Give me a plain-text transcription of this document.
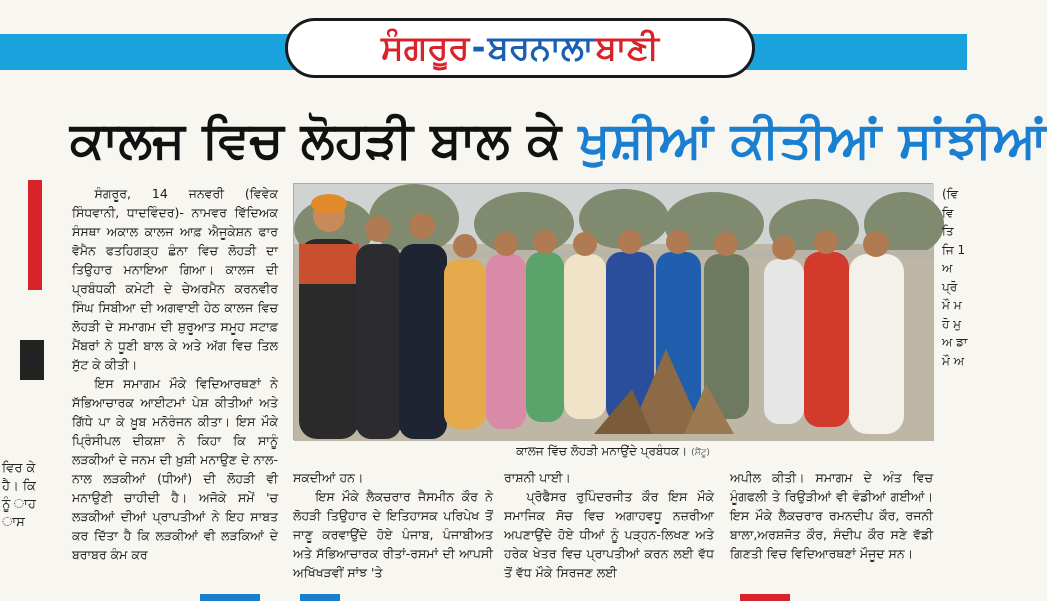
ਸੰਗਰੂਰ - ਬਰਨਾਲਾ ਬਾਣੀ

ਵਿਰ ਕੇ ਹੈ। ਕਿ ਨੂੰ ਾਹ ਾਸ

ਕਾਲਜ ਵਿਚ ਲੋਹੜੀ ਬਾਲ ਕੇ ਖੁਸ਼ੀਆਂ ਕੀਤੀਆਂ ਸਾਂਝੀਆਂ

ਸੰਗਰੂਰ, 14 ਜਨਵਰੀ (ਵਿਵੇਕ ਸਿੰਧਵਾਨੀ, ਧਾਦਵਿੰਦਰ)- ਨਾਮਵਰ ਵਿੱਦਿਅਕ ਸੰਸਥਾ ਅਕਾਲ ਕਾਲਜ ਆਫ਼ ਐਜੂਕੇਸ਼ਨ ਫਾਰ ਵੋਮੈਨ ਫਤਹਿਗੜ੍ਹ ਛੰਨਾ ਵਿਚ ਲੋਹੜੀ ਦਾ ਤਿਉਹਾਰ ਮਨਾਇਆ ਗਿਆ। ਕਾਲਜ ਦੀ ਪ੍ਰਬੰਧਕੀ ਕਮੇਟੀ ਦੇ ਚੇਅਰਮੈਨ ਕਰਨਵੀਰ ਸਿੰਘ ਸਿਬੀਆ ਦੀ ਅਗਵਾਈ ਹੇਠ ਕਾਲਜ ਵਿਚ ਲੋਹੜੀ ਦੇ ਸਮਾਗਮ ਦੀ ਸ਼ੁਰੂਆਤ ਸਮੂਹ ਸਟਾਫ਼ ਮੈਂਬਰਾਂ ਨੇ ਧੂਣੀ ਬਾਲ ਕੇ ਅਤੇ ਅੱਗ ਵਿਚ ਤਿਲ ਸੁੱਟ ਕੇ ਕੀਤੀ।

ਇਸ ਸਮਾਗਮ ਮੌਕੇ ਵਿਦਿਆਰਥਣਾਂ ਨੇ ਸੱਭਿਆਚਾਰਕ ਆਈਟਮਾਂ ਪੇਸ਼ ਕੀਤੀਆਂ ਅਤੇ ਗਿੱਧੇ ਪਾ ਕੇ ਖ਼ੂਬ ਮਨੋਰੰਜਨ ਕੀਤਾ। ਇਸ ਮੌਕੇ ਪ੍ਰਿੰਸੀਪਲ ਦੀਕਸ਼ਾ ਨੇ ਕਿਹਾ ਕਿ ਸਾਨੂੰ ਲੜਕੀਆਂ ਦੇ ਜਨਮ ਦੀ ਖ਼ੁਸ਼ੀ ਮਨਾਉਣ ਦੇ ਨਾਲ-ਨਾਲ ਲੜਕੀਆਂ (ਧੀਆਂ) ਦੀ ਲੋਹੜੀ ਵੀ ਮਨਾਉਣੀ ਚਾਹੀਦੀ ਹੈ। ਅਜੋਕੇ ਸਮੇਂ 'ਚ ਲੜਕੀਆਂ ਦੀਆਂ ਪ੍ਰਾਪਤੀਆਂ ਨੇ ਇਹ ਸਾਬਤ ਕਰ ਦਿੱਤਾ ਹੈ ਕਿ ਲੜਕੀਆਂ ਵੀ ਲੜਕਿਆਂ ਦੇ ਬਰਾਬਰ ਕੰਮ ਕਰ

ਕਾਲਜ ਵਿੱਚ ਲੋਹੜੀ ਮਨਾਉਂਦੇ ਪ੍ਰਬੰਧਕ। (ਸੈਂਟੂ)

ਸਕਦੀਆਂ ਹਨ।

ਇਸ ਮੌਕੇ ਲੈਕਚਰਾਰ ਜੈਸਮੀਨ ਕੌਰ ਨੇ ਲੋਹੜੀ ਤਿਉਹਾਰ ਦੇ ਇਤਿਹਾਸਕ ਪਰਿਪੇਖ ਤੋਂ ਜਾਣੂ ਕਰਵਾਉਂਦੇ ਹੋਏ ਪੰਜਾਬ, ਪੰਜਾਬੀਅਤ ਅਤੇ ਸੱਭਿਆਚਾਰਕ ਰੀਤਾਂ-ਰਸਮਾਂ ਦੀ ਆਪਸੀ ਅਖਿੱਖੜਵੀਂ ਸਾਂਝ 'ਤੇ

ਰਾਸ਼ਨੀ ਪਾਈ।

ਪ੍ਰੋਫੈਸਰ ਰੁਪਿੰਦਰਜੀਤ ਕੌਰ ਇਸ ਮੌਕੇ ਸਮਾਜਿਕ ਸੋਚ ਵਿਚ ਅਗਾਹਵਧੂ ਨਜ਼ਰੀਆ ਅਪਣਾਉਂਦੇ ਹੋਏ ਧੀਆਂ ਨੂੰ ਪੜ੍ਹਨ-ਲਿਖਣ ਅਤੇ ਹਰੇਕ ਖੇਤਰ ਵਿਚ ਪ੍ਰਾਪਤੀਆਂ ਕਰਨ ਲਈ ਵੱਧ ਤੋਂ ਵੱਧ ਮੌਕੇ ਸਿਰਜਣ ਲਈ

ਅਪੀਲ ਕੀਤੀ। ਸਮਾਗਮ ਦੇ ਅੰਤ ਵਿਚ ਮੂੰਗਫਲੀ ਤੇ ਰਿਉੜੀਆਂ ਵੀ ਵੰਡੀਆਂ ਗਈਆਂ। ਇਸ ਮੌਕੇ ਲੈਕਚਰਾਰ ਰਮਨਦੀਪ ਕੌਰ, ਰਜਨੀ ਬਾਲਾ,ਅਰਸ਼ਜੋਤ ਕੌਰ, ਸੰਦੀਪ ਕੌਰ ਸਣੇ ਵੱਡੀ ਗਿਣਤੀ ਵਿਚ ਵਿਦਿਆਰਥਣਾਂ ਮੌਜੂਦ ਸਨ।

(ਵਿ ਵਿ ਤਿ ਜਿ 1 ਅ ਪ੍ਰੋ ਮੌ ਮ ਹੋ ਮੁ ਅ ਡਾ ਮੌ ਅ
